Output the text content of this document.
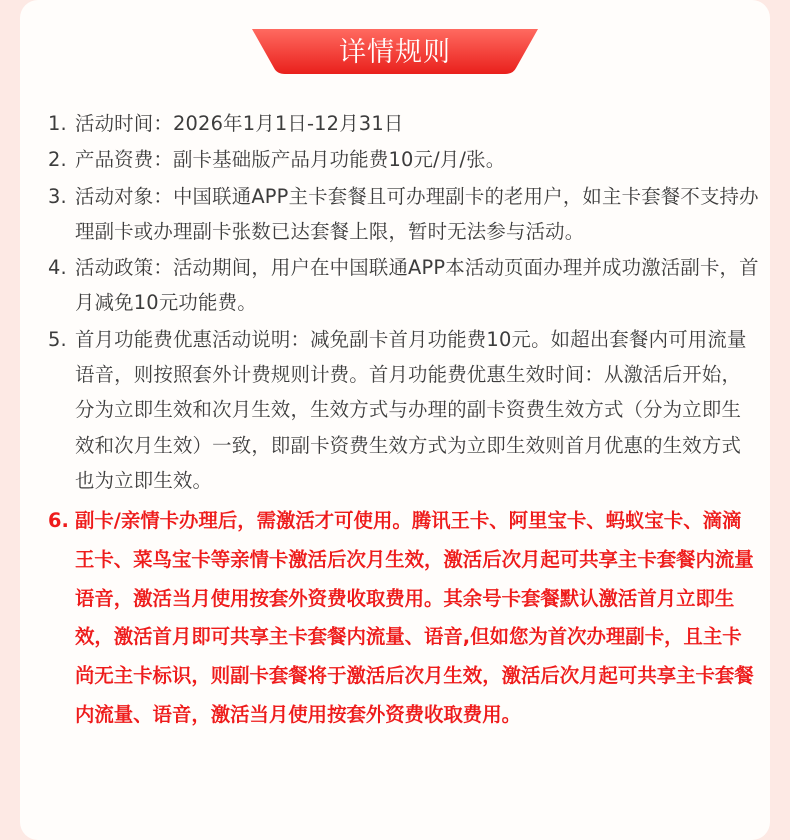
详情规则
1. 活动时间：2026年1月1日-12月31日
2. 产品资费：副卡基础版产品月功能费10元/月/张。
3. 活动对象：中国联通APP主卡套餐且可办理副卡的老用户，如主卡套餐不支持办理副卡或办理副卡张数已达套餐上限，暂时无法参与活动。
4. 活动政策：活动期间，用户在中国联通APP本活动页面办理并成功激活副卡，首月减免10元功能费。
5. 首月功能费优惠活动说明：减免副卡首月功能费10元。如超出套餐内可用流量语音，则按照套外计费规则计费。首月功能费优惠生效时间：从激活后开始，分为立即生效和次月生效，生效方式与办理的副卡资费生效方式（分为立即生效和次月生效）一致，即副卡资费生效方式为立即生效则首月优惠的生效方式也为立即生效。
6. 副卡/亲情卡办理后，需激活才可使用。腾讯王卡、阿里宝卡、蚂蚁宝卡、滴滴王卡、菜鸟宝卡等亲情卡激活后次月生效，激活后次月起可共享主卡套餐内流量语音，激活当月使用按套外资费收取费用。其余号卡套餐默认激活首月立即生效，激活首月即可共享主卡套餐内流量、语音,但如您为首次办理副卡，且主卡尚无主卡标识，则副卡套餐将于激活后次月生效，激活后次月起可共享主卡套餐内流量、语音，激活当月使用按套外资费收取费用。
